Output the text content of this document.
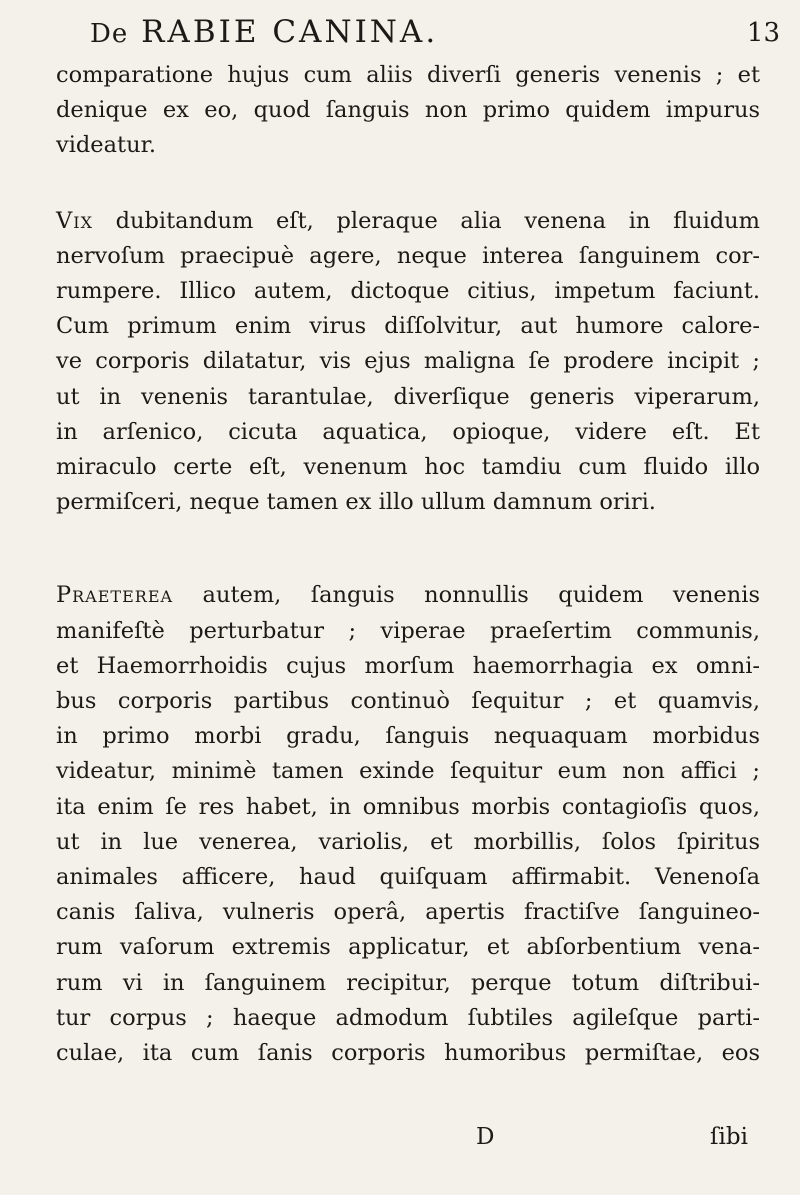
De RABIE CANINA.	13

comparatione hujus cum aliis diverſi generis venenis ; et
denique ex eo, quod ſanguis non primo quidem impurus
videatur.

Vix dubitandum eſt, pleraque alia venena in fluidum
nervoſum praecipuè agere, neque interea ſanguinem cor-
rumpere. Illico autem, dictoque citius, impetum faciunt.
Cum primum enim virus diſſolvitur, aut humore calore-
ve corporis dilatatur, vis ejus maligna ſe prodere incipit ;
ut in venenis tarantulae, diverſique generis viperarum,
in arſenico, cicuta aquatica, opioque, videre eſt. Et
miraculo certe eſt, venenum hoc tamdiu cum fluido illo
permiſceri, neque tamen ex illo ullum damnum oriri.

Praeterea autem, ſanguis nonnullis quidem venenis
manifeſtè perturbatur ; viperae praeſertim communis,
et Haemorrhoidis cujus morſum haemorrhagia ex omni-
bus corporis partibus continuò ſequitur ; et quamvis,
in primo morbi gradu, ſanguis nequaquam morbidus
videatur, minimè tamen exinde ſequitur eum non affici ;
ita enim ſe res habet, in omnibus morbis contagioſis quos,
ut in lue venerea, variolis, et morbillis, ſolos ſpiritus
animales afficere, haud quiſquam affirmabit. Venenoſa
canis ſaliva, vulneris operâ, apertis fractiſve ſanguineo-
rum vaſorum extremis applicatur, et abſorbentium vena-
rum vi in ſanguinem recipitur, perque totum diſtribui-
tur corpus ; haeque admodum ſubtiles agileſque parti-
culae, ita cum ſanis corporis humoribus permiſtae, eos

D	ſibi
